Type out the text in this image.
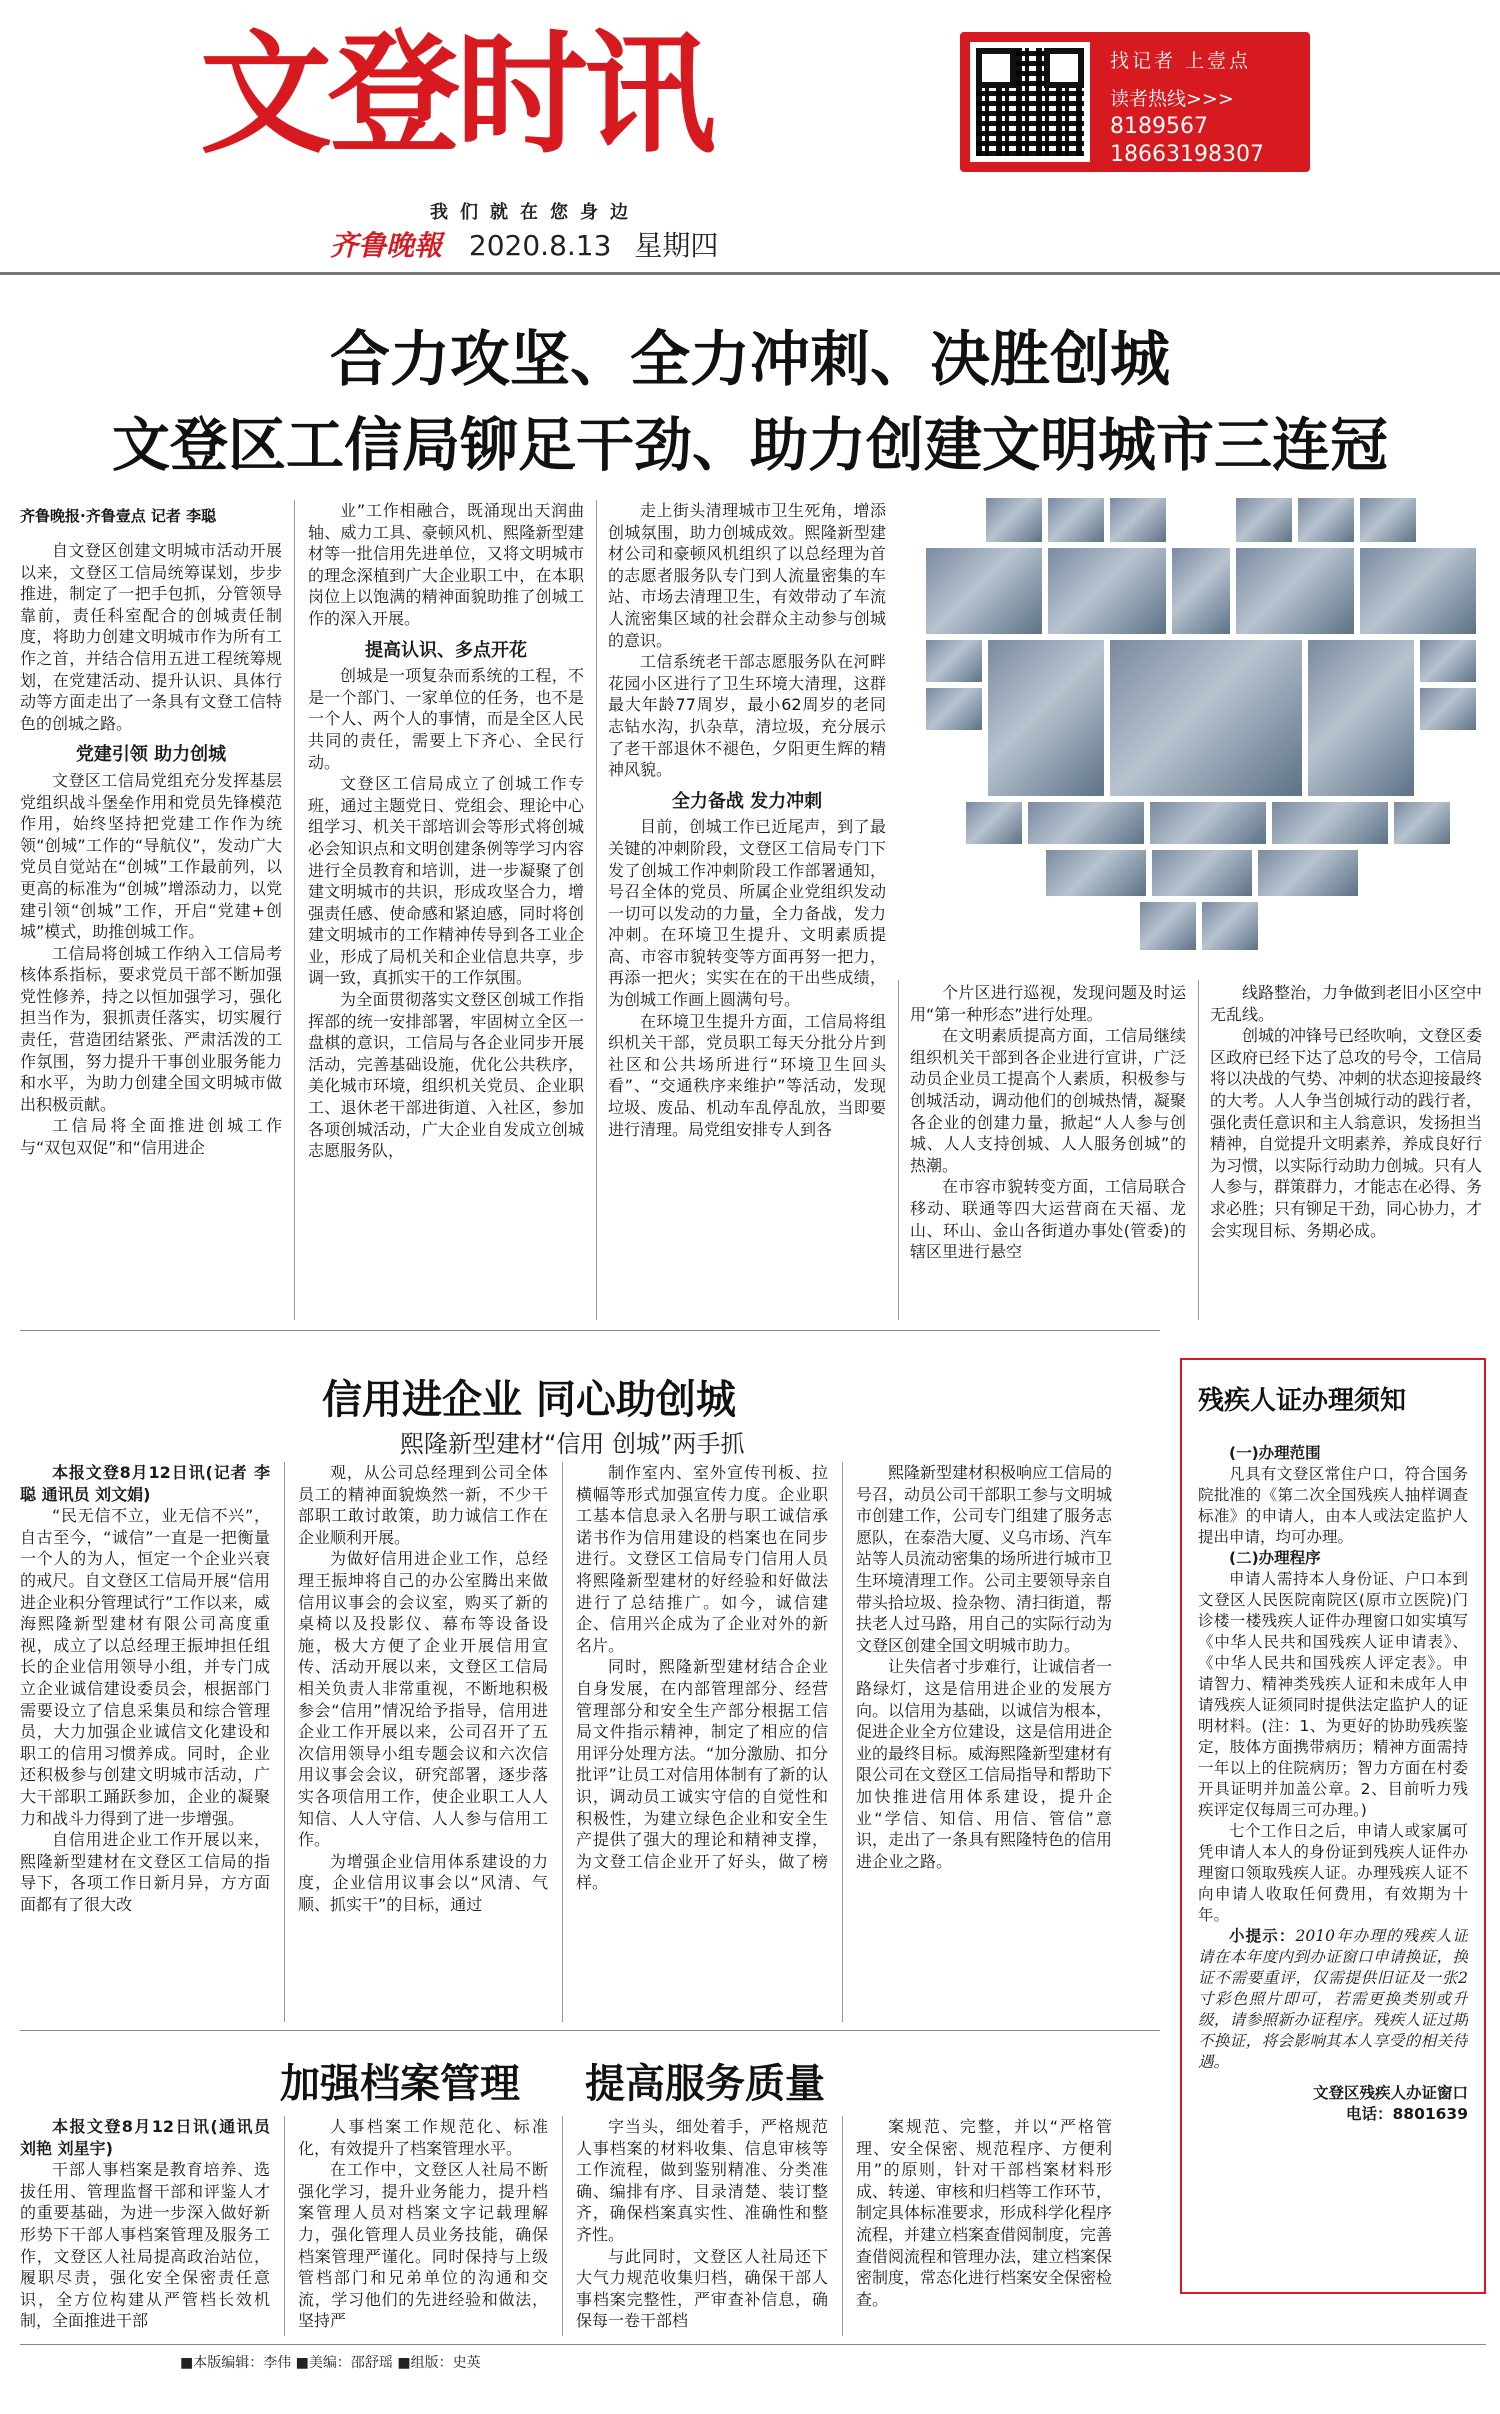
文登时讯
我们就在您身边
齐鲁晚報 2020.8.13 星期四
找记者 上壹点
读者热线>>>
8189567
18663198307
合力攻坚、全力冲刺、决胜创城
文登区工信局铆足干劲、助力创建文明城市三连冠
齐鲁晚报·齐鲁壹点 记者 李聪

自文登区创建文明城市活动开展以来，文登区工信局统筹谋划，步步推进，制定了一把手包抓，分管领导靠前，责任科室配合的创城责任制度，将助力创建文明城市作为所有工作之首，并结合信用五进工程统筹规划，在党建活动、提升认识、具体行动等方面走出了一条具有文登工信特色的创城之路。

党建引领 助力创城

文登区工信局党组充分发挥基层党组织战斗堡垒作用和党员先锋模范作用，始终坚持把党建工作作为统领“创城”工作的“导航仪”，发动广大党员自觉站在“创城”工作最前列，以更高的标准为“创城”增添动力，以党建引领“创城”工作，开启“党建+创城”模式，助推创城工作。

工信局将创城工作纳入工信局考核体系指标，要求党员干部不断加强党性修养，持之以恒加强学习，强化担当作为，狠抓责任落实，切实履行责任，营造团结紧张、严肃活泼的工作氛围，努力提升干事创业服务能力和水平，为助力创建全国文明城市做出积极贡献。

工信局将全面推进创城工作与“双包双促”和“信用进企

业”工作相融合，既涌现出天润曲轴、威力工具、豪顿风机、熙隆新型建材等一批信用先进单位，又将文明城市的理念深植到广大企业职工中，在本职岗位上以饱满的精神面貌助推了创城工作的深入开展。

提高认识、多点开花

创城是一项复杂而系统的工程，不是一个部门、一家单位的任务，也不是一个人、两个人的事情，而是全区人民共同的责任，需要上下齐心、全民行动。

文登区工信局成立了创城工作专班，通过主题党日、党组会、理论中心组学习、机关干部培训会等形式将创城必会知识点和文明创建条例等学习内容进行全员教育和培训，进一步凝聚了创建文明城市的共识，形成攻坚合力，增强责任感、使命感和紧迫感，同时将创建文明城市的工作精神传导到各工业企业，形成了局机关和企业信息共享，步调一致，真抓实干的工作氛围。

为全面贯彻落实文登区创城工作指挥部的统一安排部署，牢固树立全区一盘棋的意识，工信局与各企业同步开展活动，完善基础设施，优化公共秩序，美化城市环境，组织机关党员、企业职工、退休老干部进街道、入社区，参加各项创城活动，广大企业自发成立创城志愿服务队，

走上街头清理城市卫生死角，增添创城氛围，助力创城成效。熙隆新型建材公司和豪顿风机组织了以总经理为首的志愿者服务队专门到人流量密集的车站、市场去清理卫生，有效带动了车流人流密集区域的社会群众主动参与创城的意识。

工信系统老干部志愿服务队在河畔花园小区进行了卫生环境大清理，这群最大年龄77周岁，最小62周岁的老同志钻水沟，扒杂草，清垃圾，充分展示了老干部退休不褪色，夕阳更生辉的精神风貌。

全力备战 发力冲刺

目前，创城工作已近尾声，到了最关键的冲刺阶段，文登区工信局专门下发了创城工作冲刺阶段工作部署通知，号召全体的党员、所属企业党组织发动一切可以发动的力量，全力备战，发力冲刺。在环境卫生提升、文明素质提高、市容市貌转变等方面再努一把力，再添一把火；实实在在的干出些成绩，为创城工作画上圆满句号。

在环境卫生提升方面，工信局将组织机关干部，党员职工每天分批分片到社区和公共场所进行“环境卫生回头看”、“交通秩序来维护”等活动，发现垃圾、废品、机动车乱停乱放，当即要进行清理。局党组安排专人到各

个片区进行巡视，发现问题及时运用“第一种形态”进行处理。

在文明素质提高方面，工信局继续组织机关干部到各企业进行宣讲，广泛动员企业员工提高个人素质，积极参与创城活动，调动他们的创城热情，凝聚各企业的创建力量，掀起“人人参与创城、人人支持创城、人人服务创城”的热潮。

在市容市貌转变方面，工信局联合移动、联通等四大运营商在天福、龙山、环山、金山各街道办事处(管委)的辖区里进行悬空

线路整治，力争做到老旧小区空中无乱线。

创城的冲锋号已经吹响，文登区委区政府已经下达了总攻的号令，工信局将以决战的气势、冲刺的状态迎接最终的大考。人人争当创城行动的践行者，强化责任意识和主人翁意识，发扬担当精神，自觉提升文明素养，养成良好行为习惯，以实际行动助力创城。只有人人参与，群策群力，才能志在必得、务求必胜；只有铆足干劲，同心协力，才会实现目标、务期必成。

信用进企业 同心助创城
熙隆新型建材“信用 创城”两手抓

本报文登8月12日讯(记者 李聪 通讯员 刘文娟)

“民无信不立，业无信不兴”，自古至今，“诚信”一直是一把衡量一个人的为人，恒定一个企业兴衰的戒尺。自文登区工信局开展“信用进企业积分管理试行”工作以来，威海熙隆新型建材有限公司高度重视，成立了以总经理王振坤担任组长的企业信用领导小组，并专门成立企业诚信建设委员会，根据部门需要设立了信息采集员和综合管理员，大力加强企业诚信文化建设和职工的信用习惯养成。同时，企业还积极参与创建文明城市活动，广大干部职工踊跃参加，企业的凝聚力和战斗力得到了进一步增强。

自信用进企业工作开展以来，熙隆新型建材在文登区工信局的指导下，各项工作日新月异，方方面面都有了很大改

观，从公司总经理到公司全体员工的精神面貌焕然一新，不少干部职工敢讨敢策，助力诚信工作在企业顺利开展。

为做好信用进企业工作，总经理王振坤将自己的办公室腾出来做信用议事会的会议室，购买了新的桌椅以及投影仪、幕布等设备设施，极大方便了企业开展信用宣传、活动开展以来，文登区工信局相关负责人非常重视，不断地积极参会“信用”情况给予指导，信用进企业工作开展以来，公司召开了五次信用领导小组专题会议和六次信用议事会会议，研究部署，逐步落实各项信用工作，使企业职工人人知信、人人守信、人人参与信用工作。

为增强企业信用体系建设的力度，企业信用议事会以“风清、气顺、抓实干”的目标，通过

制作室内、室外宣传刊板、拉横幅等形式加强宣传力度。企业职工基本信息录入名册与职工诚信承诺书作为信用建设的档案也在同步进行。文登区工信局专门信用人员将熙隆新型建材的好经验和好做法进行了总结推广。如今，诚信建企、信用兴企成为了企业对外的新名片。

同时，熙隆新型建材结合企业自身发展，在内部管理部分、经营管理部分和安全生产部分根据工信局文件指示精神，制定了相应的信用评分处理方法。“加分激励、扣分批评”让员工对信用体制有了新的认识，调动员工诚实守信的自觉性和积极性，为建立绿色企业和安全生产提供了强大的理论和精神支撑，为文登工信企业开了好头，做了榜样。

熙隆新型建材积极响应工信局的号召，动员公司干部职工参与文明城市创建工作，公司专门组建了服务志愿队，在泰浩大厦、义乌市场、汽车站等人员流动密集的场所进行城市卫生环境清理工作。公司主要领导亲自带头拾垃圾、捡杂物、清扫街道，帮扶老人过马路，用自己的实际行动为文登区创建全国文明城市助力。

让失信者寸步难行，让诚信者一路绿灯，这是信用进企业的发展方向。以信用为基础，以诚信为根本，促进企业全方位建设，这是信用进企业的最终目标。威海熙隆新型建材有限公司在文登区工信局指导和帮助下加快推进信用体系建设，提升企业“学信、知信、用信、管信”意识，走出了一条具有熙隆特色的信用进企业之路。

加强档案管理 提高服务质量

本报文登8月12日讯(通讯员 刘艳 刘星宇)

干部人事档案是教育培养、选拔任用、管理监督干部和评鉴人才的重要基础，为进一步深入做好新形势下干部人事档案管理及服务工作，文登区人社局提高政治站位，履职尽责，强化安全保密责任意识，全方位构建从严管档长效机制，全面推进干部

人事档案工作规范化、标准化，有效提升了档案管理水平。

在工作中，文登区人社局不断强化学习，提升业务能力，提升档案管理人员对档案文字记载理解力，强化管理人员业务技能，确保档案管理严谨化。同时保持与上级管档部门和兄弟单位的沟通和交流，学习他们的先进经验和做法，坚持严

字当头，细处着手，严格规范人事档案的材料收集、信息审核等工作流程，做到鉴别精准、分类准确、编排有序、目录清楚、装订整齐，确保档案真实性、准确性和整齐性。

与此同时，文登区人社局还下大气力规范收集归档，确保干部人事档案完整性，严审查补信息，确保每一卷干部档

案规范、完整，并以“严格管理、安全保密、规范程序、方便利用”的原则，针对干部档案材料形成、转递、审核和归档等工作环节，制定具体标准要求，形成科学化程序流程，并建立档案查借阅制度，完善查借阅流程和管理办法，建立档案保密制度，常态化进行档案安全保密检查。

残疾人证办理须知

(一)办理范围

凡具有文登区常住户口，符合国务院批准的《第二次全国残疾人抽样调查标准》的申请人，由本人或法定监护人提出申请，均可办理。

(二)办理程序

申请人需持本人身份证、户口本到文登区人民医院南院区(原市立医院)门诊楼一楼残疾人证件办理窗口如实填写《中华人民共和国残疾人证申请表》、《中华人民共和国残疾人评定表》。申请智力、精神类残疾人证和未成年人申请残疾人证须同时提供法定监护人的证明材料。(注：1、为更好的协助残疾鉴定，肢体方面携带病历；精神方面需持一年以上的住院病历；智力方面在村委开具证明并加盖公章。2、目前听力残疾评定仅每周三可办理。)

七个工作日之后，申请人或家属可凭申请人本人的身份证到残疾人证件办理窗口领取残疾人证。办理残疾人证不向申请人收取任何费用，有效期为十年。

小提示：2010年办理的残疾人证请在本年度内到办证窗口申请换证，换证不需要重评，仅需提供旧证及一张2寸彩色照片即可，若需更换类别或升级，请参照新办证程序。残疾人证过期不换证，将会影响其本人享受的相关待遇。

文登区残疾人办证窗口

电话：8801639

■本版编辑：李伟 ■美编：邵舒瑶 ■组版：史英
